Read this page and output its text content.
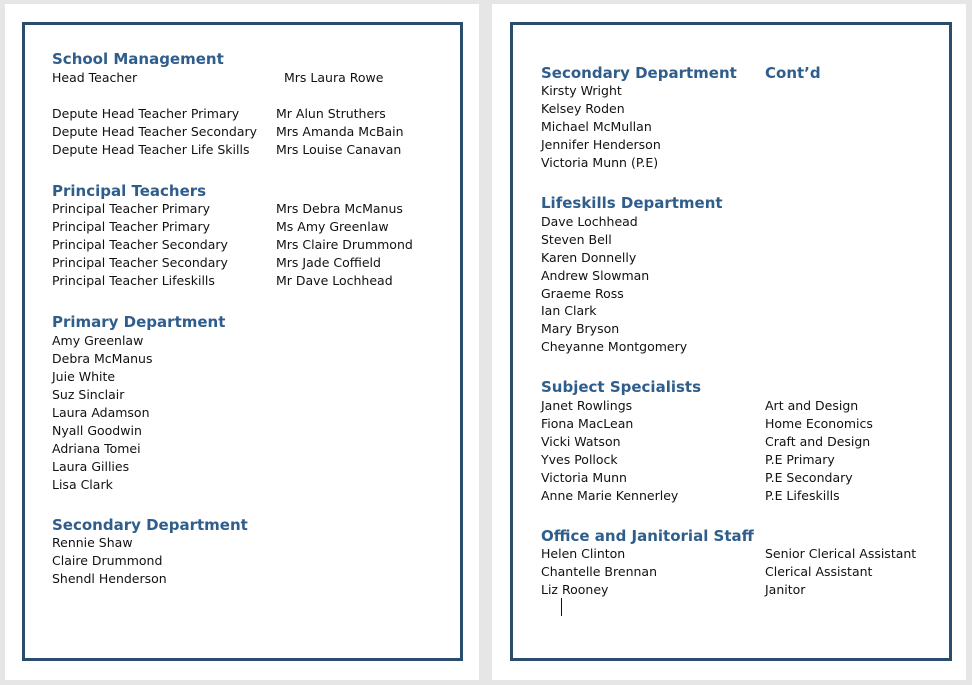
School Management
Head Teacher	Mrs Laura Rowe
Depute Head Teacher Primary	Mr Alun Struthers
Depute Head Teacher Secondary Mrs Amanda McBain
Depute Head Teacher Life Skills Mrs Louise Canavan
Principal Teachers
Principal Teacher Primary	Mrs Debra McManus
Principal Teacher Primary	Ms Amy Greenlaw
Principal Teacher Secondary	Mrs Claire Drummond
Principal Teacher Secondary	Mrs Jade Coffield
Principal Teacher Lifeskills	Mr Dave Lochhead
Primary Department
Amy Greenlaw
Debra McManus
Juie White
Suz Sinclair
Laura Adamson
Nyall Goodwin
Adriana Tomei
Laura Gillies
Lisa Clark
Secondary Department
Rennie Shaw
Claire Drummond
Shendl Henderson
Secondary Department Cont’d
Kirsty Wright
Kelsey Roden
Michael McMullan
Jennifer Henderson
Victoria Munn (P.E)
Lifeskills Department
Dave Lochhead
Steven Bell
Karen Donnelly
Andrew Slowman
Graeme Ross
Ian Clark
Mary Bryson
Cheyanne Montgomery
Subject Specialists
Janet Rowlings	Art and Design
Fiona MacLean	Home Economics
Vicki Watson	Craft and Design
Yves Pollock	P.E Primary
Victoria Munn	P.E Secondary
Anne Marie Kennerley	P.E Lifeskills
Office and Janitorial Staff
Helen Clinton	Senior Clerical Assistant
Chantelle Brennan	Clerical Assistant
Liz Rooney	Janitor
